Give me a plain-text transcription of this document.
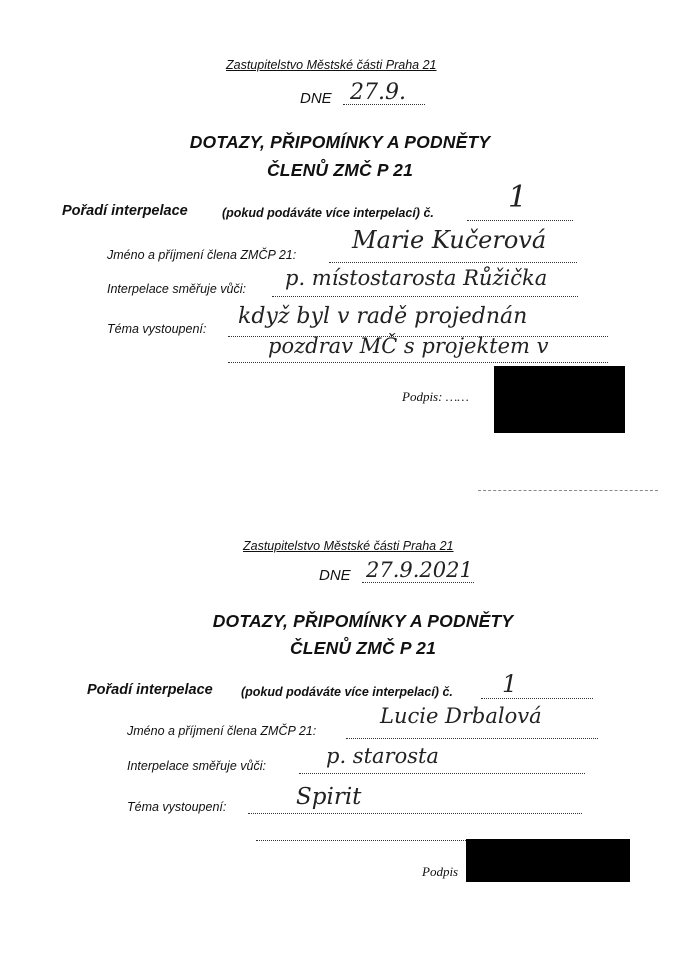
Zastupitelstvo Městské části Praha 21
DNE 27.9.
DOTAZY, PŘIPOMÍNKY A PODNĚTY
ČLENŮ ZMČ P 21
Pořadí interpelace	(pokud podáváte více interpelací) č. 1
Jméno a příjmení člena ZMČP 21:
Marie Kučerová
Interpelace směřuje vůči: p. místostarosta Růžička
Téma vystoupení: když byl v radě projednán
pozdrav MČ s projektem v
Podpis: ……
Zastupitelstvo Městské části Praha 21
DNE 27.9.2021
DOTAZY, PŘIPOMÍNKY A PODNĚTY
ČLENŮ ZMČ P 21
Pořadí interpelace (pokud podáváte více interpelací) č. 1
Jméno a příjmení člena ZMČP 21:
Lucie Drbalová
Interpelace směřuje vůči:	p. starosta
Téma vystoupení:	Spirit
Podpis
